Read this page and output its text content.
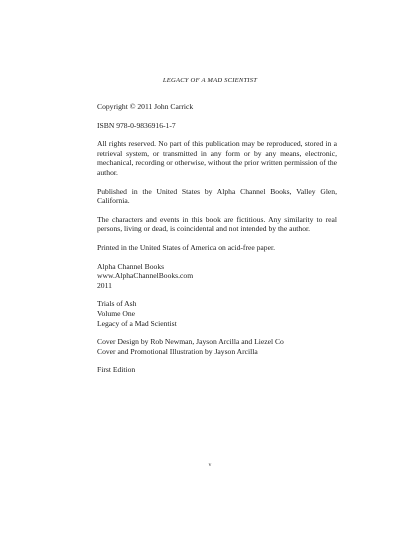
LEGACY OF A MAD SCIENTIST

Copyright © 2011 John Carrick

ISBN 978-0-9836916-1-7

All rights reserved. No part of this publication may be reproduced, stored in a retrieval system, or transmitted in any form or by any means, electronic, mechanical, recording or otherwise, without the prior written permission of the author.

Published in the United States by Alpha Channel Books, Valley Glen, California.

The characters and events in this book are fictitious. Any similarity to real persons, living or dead, is coincidental and not intended by the author.

Printed in the United States of America on acid-free paper.

Alpha Channel Books
www.AlphaChannelBooks.com
2011

Trials of Ash
Volume One
Legacy of a Mad Scientist

Cover Design by Rob Newman, Jayson Arcilla and Liezel Co
Cover and Promotional Illustration by Jayson Arcilla

First Edition

v
